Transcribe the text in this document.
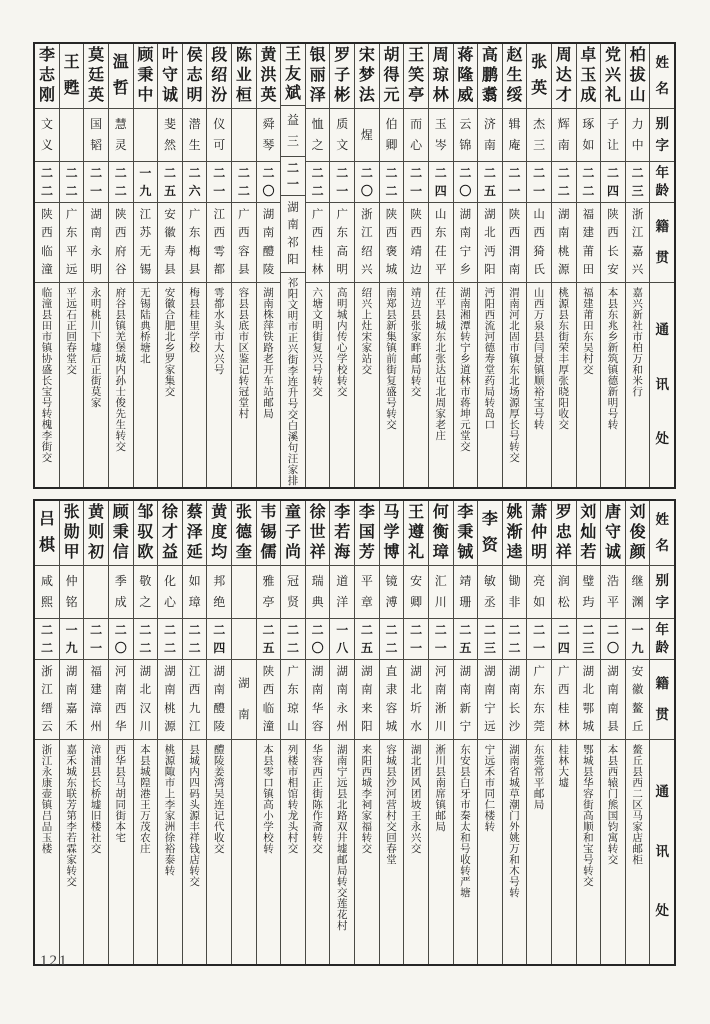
姓
名
别
字
年
龄
籍
贯
通
讯
处
柏
拔
山
力
中
二
三
浙
江
嘉
兴
嘉
兴
新
社
市
柏
万
和
米
行
党
兴
礼
子
让
二
四
陕
西
长
安
本
县
东
兆
乡
新
筑
镇
德
新
明
号
转
卓
玉
成
琢
如
二
二
福
建
莆
田
福
建
莆
田
东
吴
村
交
周
达
才
辉
南
二
二
湖
南
桃
源
桃
源
县
东
街
荣
丰
厚
张
晓
阳
收
交
张
英
杰
三
二
一
山
西
猗
氏
山
西
万
泉
县
闫
景
镇
顺
裕
宝
号
转
赵
生
绥
辑
庵
二
一
陕
西
渭
南
渭
南
河
北
固
市
镇
东
北
场
源
厚
长
号
转
交
高
鹏
翥
济
南
二
五
湖
北
沔
阳
沔
阳
西
流
河
德
寿
堂
药
局
转
岛
口
蒋
隆
威
云
锦
二
〇
湖
南
宁
乡
湖
南
湘
潭
转
宁
乡
道
林
市
蒋
坤
元
堂
交
周
琼
林
玉
岑
二
四
山
东
茌
平
茌
平
县
城
东
北
张
达
屯
北
周
家
老
庄
王
笑
亭
而
心
二
一
陕
西
靖
边
靖
边
县
张
家
畔
邮
局
转
交
胡
得
元
伯
卿
二
二
陕
西
褒
城
南
郑
县
新
集
镇
前
街
复
盛
号
转
交
宋
梦
法
煋
二
〇
浙
江
绍
兴
绍
兴
上
灶
宋
家
站
交
罗
子
彬
质
文
二
一
广
东
高
明
高
明
城
内
传
心
学
校
转
交
银
丽
泽
恤
之
二
二
广
西
桂
林
六
塘
文
明
街
复
兴
号
转
交
王
友
斌
益
三
二
一
湖
南
祁
阳
祁
阳
文
明
市
正
兴
街
李
连
升
号
交
白
溪
句
汪
家
排
黄
洪
英
舜
琴
二
〇
湖
南
醴
陵
湖
南
株
萍
铁
路
老
开
车
站
邮
局
陈
业
桓
二
二
广
西
容
县
容
县
县
底
市
区
鉴
记
转
冠
堂
村
段
绍
汾
仪
可
二
一
江
西
雩
都
雩
都
水
头
市
大
兴
号
侯
志
明
潜
生
二
六
广
东
梅
县
梅
县
桂
里
学
校
叶
守
诚
斐
然
二
五
安
徽
寿
县
安
徽
合
肥
北
乡
罗
家
集
交
顾
秉
中
一
九
江
苏
无
锡
无
锡
陆
典
桥
塘
北
温
哲
慧
灵
二
二
陕
西
府
谷
府
谷
县
镇
羌
堡
城
内
孙
士
俊
先
生
转
交
莫
廷
英
国
韬
二
一
湖
南
永
明
永
明
桃
川
下
墟
后
正
街
莫
家
王
甦
二
二
广
东
平
远
平
远
石
正
回
春
堂
交
李
志
刚
文
义
二
二
陕
西
临
潼
临
潼
县
田
市
镇
协
盛
长
宝
号
转
槐
李
街
交
姓
名
别
字
年
龄
籍
贯
通
讯
处
刘
俊
颜
继
渊
一
九
安
徽
鳌
丘
鳌
丘
县
西
二
区
马
家
店
邮
柜
唐
守
诚
浩
平
二
〇
湖
南
南
县
本
县
西
辕
门
熊
国
钧
寓
转
交
刘
灿
若
璧
玙
二
三
湖
北
鄂
城
鄂
城
县
华
容
街
高
顺
和
宝
号
转
交
罗
忠
祥
润
松
二
四
广
西
桂
林
桂
林
大
墟
萧
仲
明
亮
如
二
一
广
东
东
莞
东
莞
常
平
邮
局
姚
渐
逵
锄
非
二
二
湖
南
长
沙
湖
南
省
城
草
潮
门
外
姚
万
和
木
号
转
李
资
敏
丞
二
三
湖
南
宁
远
宁
远
禾
市
同
仁
楼
转
李
秉
铖
靖
珊
二
五
湖
南
新
宁
东
安
县
白
牙
市
秦
太
和
号
收
转
严
塘
何
衡
璋
汇
川
二
一
河
南
淅
川
淅
川
县
南
席
镇
邮
局
王
遵
礼
安
卿
二
一
湖
北
圻
水
湖
北
团
风
团
坡
王
永
兴
交
马
学
博
镜
溥
二
二
直
隶
容
城
容
城
县
沙
河
营
村
交
回
春
堂
李
国
芳
平
章
二
五
湖
南
来
阳
来
阳
西
城
李
祠
家
福
转
交
李
若
海
道
洋
一
八
湖
南
永
州
湖
南
宁
远
县
北
路
双
井
墟
邮
局
转
交
莲
花
村
徐
世
祥
瑞
典
二
〇
湖
南
华
容
华
容
西
正
街
陈
作
斋
转
交
童
子
尚
冠
贤
二
二
广
东
琼
山
列
楼
市
相
馆
转
龙
头
村
交
韦
锡
儒
雅
亭
二
五
陕
西
临
潼
本
县
零
口
镇
高
小
学
校
转
张
德
奎
湖
南
黄
度
均
邦
绝
二
四
湖
南
醴
陵
醴
陵
姜
湾
吴
连
记
代
收
交
蔡
泽
延
如
璋
二
二
江
西
九
江
县
城
内
四
码
头
源
丰
祥
钱
店
转
交
徐
才
益
化
心
二
二
湖
南
桃
源
桃
源
陬
市
上
李
家
洲
徐
裕
泰
转
邹
驭
欧
敬
之
二
二
湖
北
汉
川
本
县
城
隍
港
王
万
茂
农
庄
顾
秉
信
季
成
二
〇
河
南
西
华
西
华
县
马
胡
同
街
本
宅
黄
则
初
二
一
福
建
漳
州
漳
浦
县
长
桥
墟
旧
楼
社
交
张
勋
甲
仲
铭
一
九
湖
南
嘉
禾
嘉
禾
城
东
联
芳
第
李
若
霖
家
转
交
吕
棋
咸
熙
二
二
浙
江
缙
云
浙
江
永
康
壶
镇
吕
品
玉
楼
121
